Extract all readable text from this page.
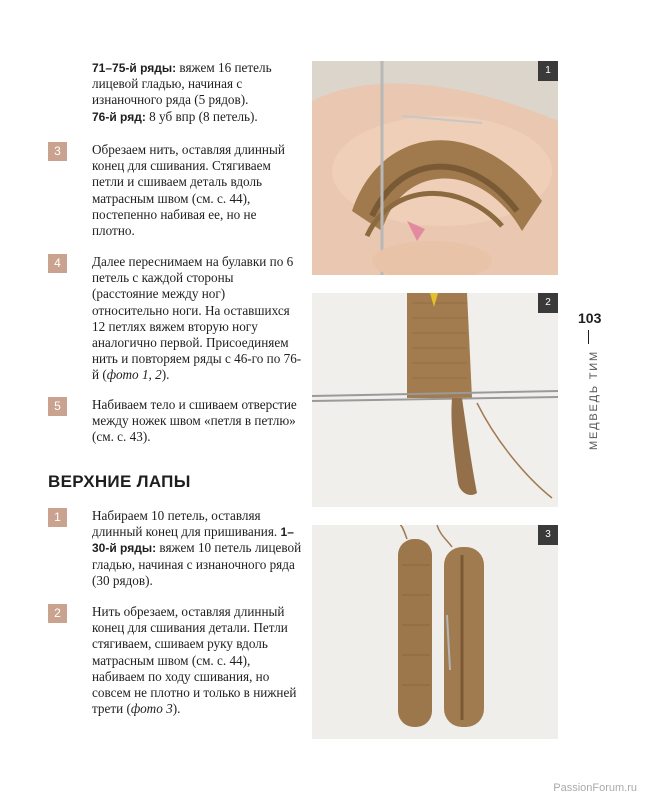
71–75-й ряды: вяжем 16 петель лицевой гладью, начиная с изнаночного ряда (5 рядов).

76-й ряд: 8 уб впр (8 петель).

3	Обрезаем нить, оставляя длинный конец для сшивания. Стягиваем петли и сшиваем деталь вдоль матрасным швом (см. с. 44), постепенно набивая ее, но не плотно.

4	Далее переснимаем на булавки по 6 петель с каждой стороны (расстояние между ног) относительно ноги. На оставшихся 12 петлях вяжем вторую ногу аналогично первой. Присоединяем нить и повторяем ряды с 46-го по 76-й (фото 1, 2).

5	Набиваем тело и сшиваем отверстие между ножек швом «петля в петлю» (см. с. 43).

ВЕРХНИЕ ЛАПЫ
1	Набираем 10 петель, оставляя длинный конец для пришивания. 1–30-й ряды: вяжем 10 петель лицевой гладью, начиная с изнаночного ряда (30 рядов).

2	Нить обрезаем, оставляя длинный конец для сшивания детали. Петли стягиваем, сшиваем руку вдоль матрасным швом (см. с. 44), набиваем по ходу сшивания, но совсем не плотно и только в нижней трети (фото 3).

1
2
3
103
МЕДВЕДЬ ТИМ
PassionForum.ru
